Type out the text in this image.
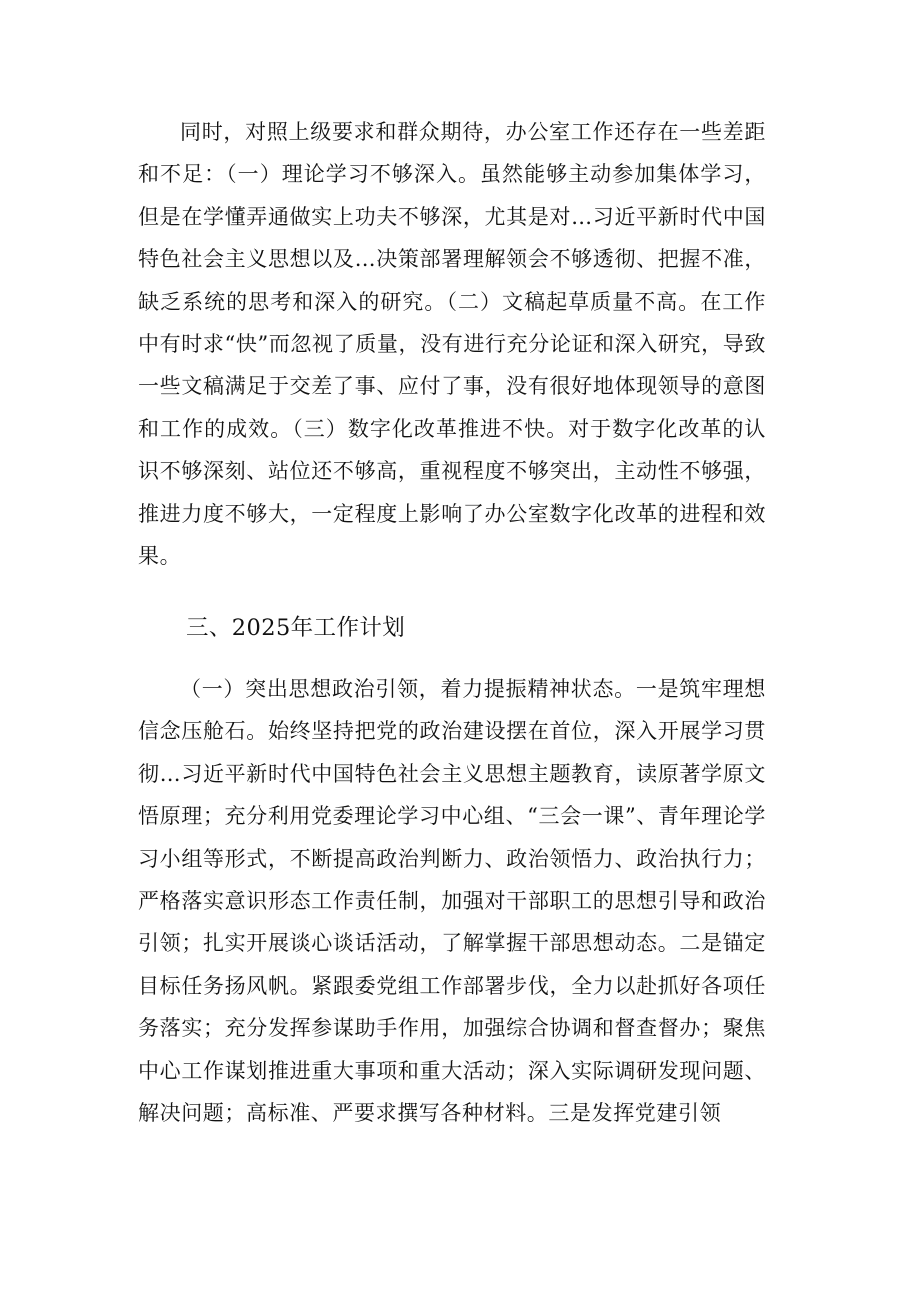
同时，对照上级要求和群众期待，办公室工作还存在一些差距和不足：（一）理论学习不够深入。虽然能够主动参加集体学习，但是在学懂弄通做实上功夫不够深，尤其是对…习近平新时代中国特色社会主义思想以及…决策部署理解领会不够透彻、把握不准，缺乏系统的思考和深入的研究。（二）文稿起草质量不高。在工作中有时求“快”而忽视了质量，没有进行充分论证和深入研究，导致一些文稿满足于交差了事、应付了事，没有很好地体现领导的意图和工作的成效。（三）数字化改革推进不快。对于数字化改革的认识不够深刻、站位还不够高，重视程度不够突出，主动性不够强，推进力度不够大，一定程度上影响了办公室数字化改革的进程和效果。

三、2025年工作计划

（一）突出思想政治引领，着力提振精神状态。一是筑牢理想信念压舱石。始终坚持把党的政治建设摆在首位，深入开展学习贯彻…习近平新时代中国特色社会主义思想主题教育，读原著学原文悟原理；充分利用党委理论学习中心组、“三会一课”、青年理论学习小组等形式，不断提高政治判断力、政治领悟力、政治执行力；严格落实意识形态工作责任制，加强对干部职工的思想引导和政治引领；扎实开展谈心谈话活动，了解掌握干部思想动态。二是锚定目标任务扬风帆。紧跟委党组工作部署步伐，全力以赴抓好各项任务落实；充分发挥参谋助手作用，加强综合协调和督查督办；聚焦中心工作谋划推进重大事项和重大活动；深入实际调研发现问题、解决问题；高标准、严要求撰写各种材料。三是发挥党建引领
